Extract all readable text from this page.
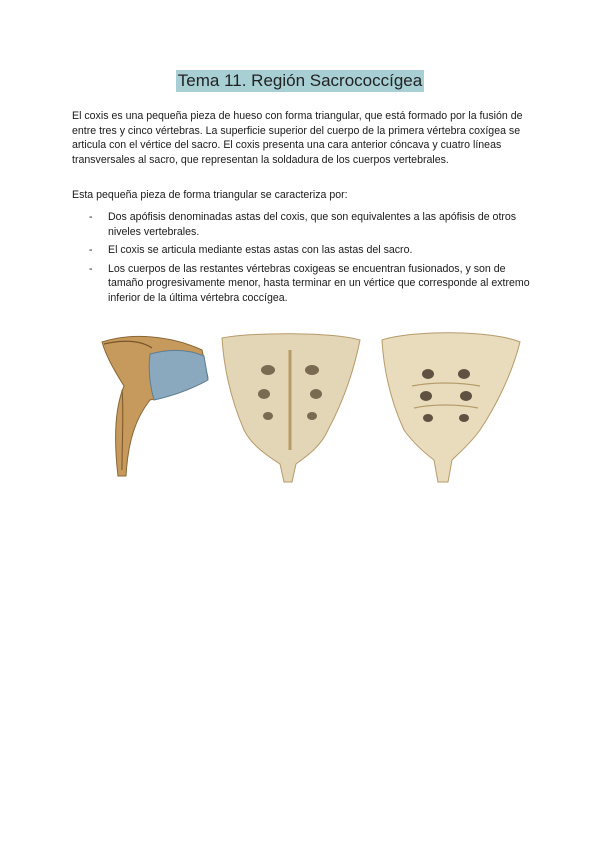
Tema 11. Región Sacrococcígea

El coxis es una pequeña pieza de hueso con forma triangular, que está formado por la fusión de entre tres y cinco vértebras. La superficie superior del cuerpo de la primera vértebra coxígea se articula con el vértice del sacro. El coxis presenta una cara anterior cóncava y cuatro líneas transversales al sacro, que representan la soldadura de los cuerpos vertebrales.

Esta pequeña pieza de forma triangular se caracteriza por:

- Dos apófisis denominadas astas del coxis, que son equivalentes a las apófisis de otros niveles vertebrales.
- El coxis se articula mediante estas astas con las astas del sacro.
- Los cuerpos de las restantes vértebras coxigeas se encuentran fusionados, y son de tamaño progresivamente menor, hasta terminar en un vértice que corresponde al extremo inferior de la última vértebra coccígea.
